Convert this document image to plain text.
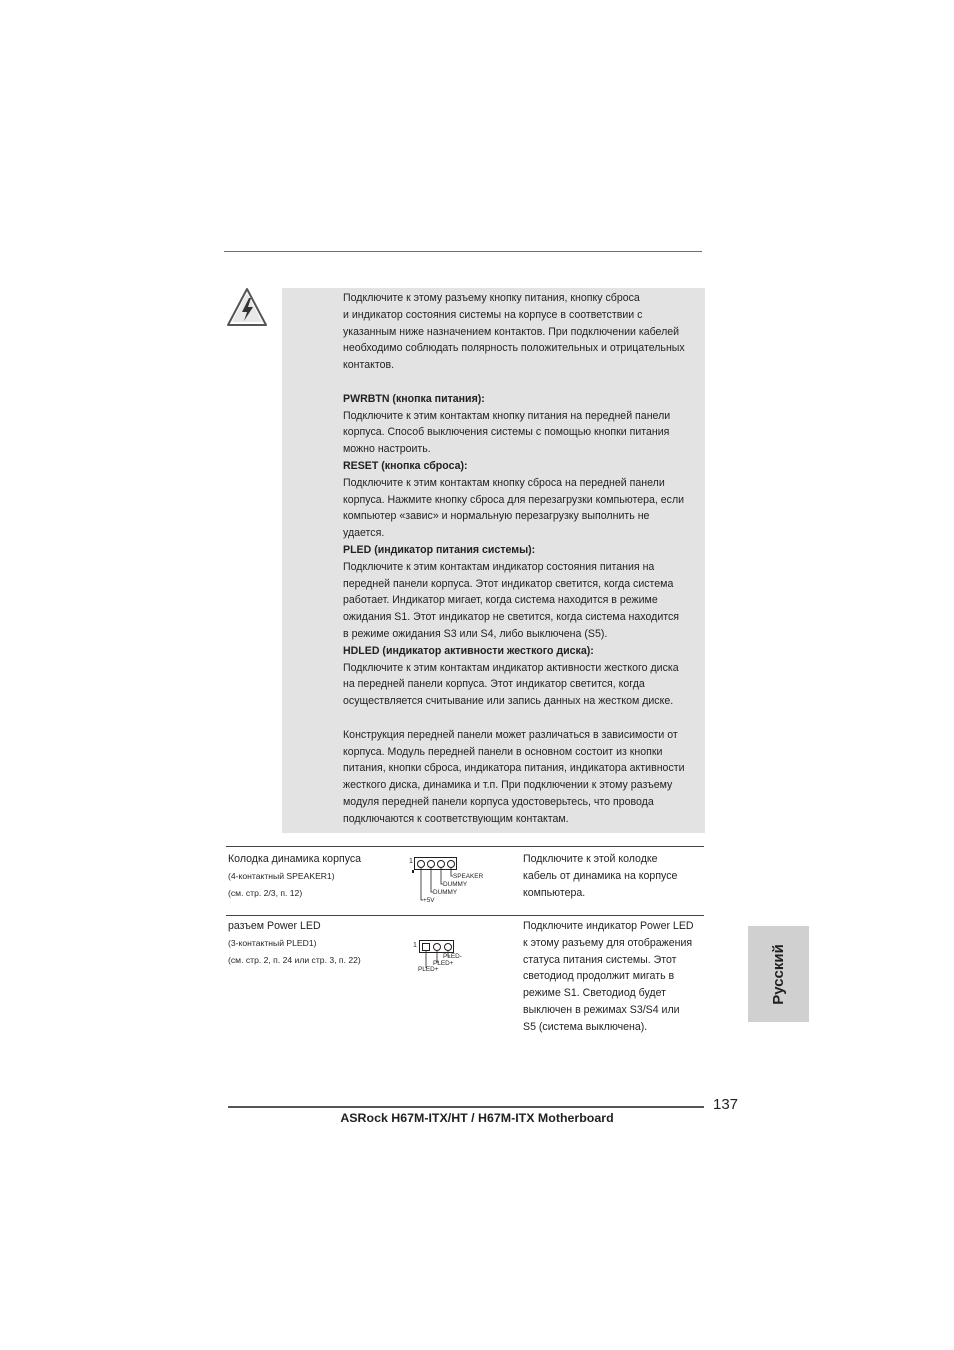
Подключите к этому разъему кнопку питания, кнопку сброса
и индикатор состояния системы на корпусе в соответствии с
указанным ниже назначением контактов. При подключении кабелей
необходимо соблюдать полярность положительных и отрицательных
контактов.

PWRBTN (кнопка питания):

Подключите к этим контактам кнопку питания на передней панели
корпуса. Способ выключения системы с помощью кнопки питания
можно настроить.

RESET (кнопка сброса):

Подключите к этим контактам кнопку сброса на передней панели
корпуса. Нажмите кнопку сброса для перезагрузки компьютера, если
компьютер «завис» и нормальную перезагрузку выполнить не
удается.

PLED (индикатор питания системы):

Подключите к этим контактам индикатор состояния питания на
передней панели корпуса. Этот индикатор светится, когда система
работает. Индикатор мигает, когда система находится в режиме
ожидания S1. Этот индикатор не светится, когда система находится
в режиме ожидания S3 или S4, либо выключена (S5).

HDLED (индикатор активности жесткого диска):

Подключите к этим контактам индикатор активности жесткого диска
на передней панели корпуса. Этот индикатор светится, когда
осуществляется считывание или запись данных на жестком диске.

Конструкция передней панели может различаться в зависимости от
корпуса. Модуль передней панели в основном состоит из кнопки
питания, кнопки сброса, индикатора питания, индикатора активности
жесткого диска, динамика и т.п. При подключении к этому разъему
модуля передней панели корпуса удостоверьтесь, что провода
подключаются к соответствующим контактам.

Колодка динамика корпуса
(4-контактный SPEAKER1)
(см. стр. 2/3, п. 12)
1
SPEAKER
DUMMY
DUMMY
+5V
Подключите к этой колодке
кабель от динамика на корпусе
компьютера.
разъем Power LED
(3-контактный PLED1)
(см. стр. 2, п. 24 или стр. 3, п. 22)
1
PLED-
PLED+
PLED+
Подключите индикатор Power LED
к этому разъему для отображения
статуса питания системы. Этот
светодиод продолжит мигать в
режиме S1. Светодиод будет
выключен в режимах S3/S4 или
S5 (система выключена).
Русский
137
ASRock H67M-ITX/HT / H67M-ITX Motherboard
